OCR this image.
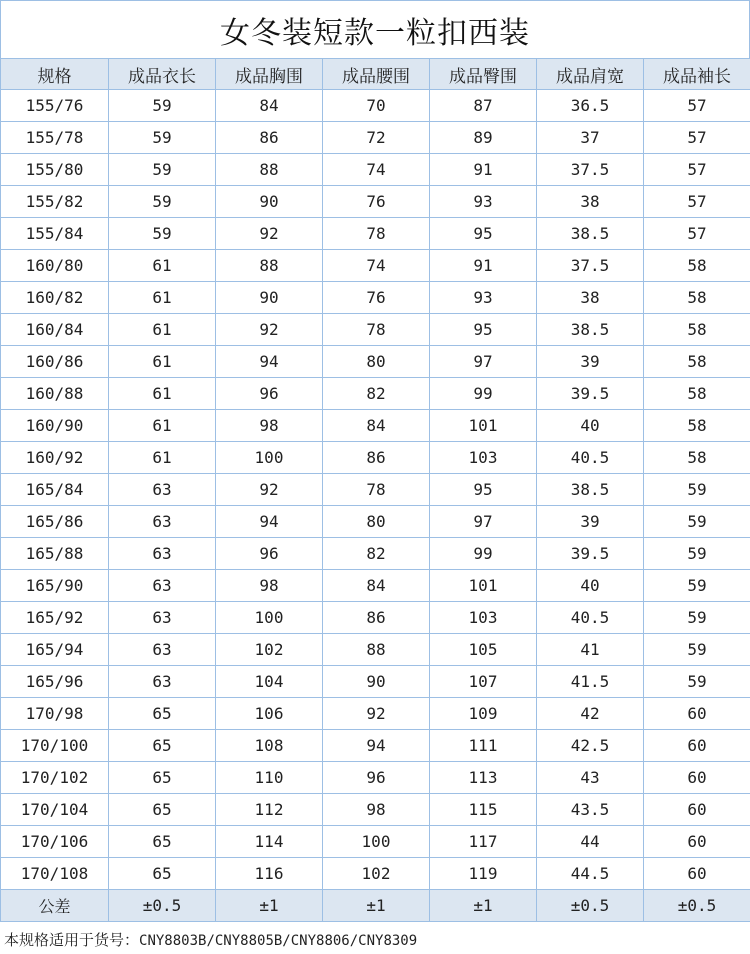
女冬装短款一粒扣西装
规格	成品衣长	成品胸围	成品腰围	成品臀围	成品肩宽	成品袖长
155/76	59	84	70	87	36.5	57
155/78	59	86	72	89	37	57
155/80	59	88	74	91	37.5	57
155/82	59	90	76	93	38	57
155/84	59	92	78	95	38.5	57
160/80	61	88	74	91	37.5	58
160/82	61	90	76	93	38	58
160/84	61	92	78	95	38.5	58
160/86	61	94	80	97	39	58
160/88	61	96	82	99	39.5	58
160/90	61	98	84	101	40	58
160/92	61	100	86	103	40.5	58
165/84	63	92	78	95	38.5	59
165/86	63	94	80	97	39	59
165/88	63	96	82	99	39.5	59
165/90	63	98	84	101	40	59
165/92	63	100	86	103	40.5	59
165/94	63	102	88	105	41	59
165/96	63	104	90	107	41.5	59
170/98	65	106	92	109	42	60
170/100	65	108	94	111	42.5	60
170/102	65	110	96	113	43	60
170/104	65	112	98	115	43.5	60
170/106	65	114	100	117	44	60
170/108	65	116	102	119	44.5	60
公差	±0.5	±1	±1	±1	±0.5	±0.5
本规格适用于货号：CNY8803B/CNY8805B/CNY8806/CNY8309
